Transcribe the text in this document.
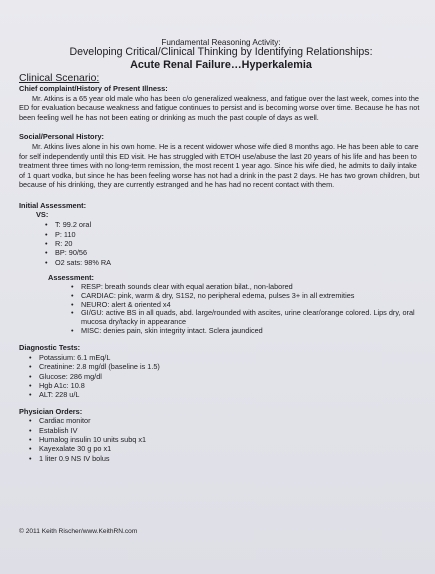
Fundamental Reasoning Activity:
Developing Critical/Clinical Thinking by Identifying Relationships:
Acute Renal Failure…Hyperkalemia
Clinical Scenario:
Chief complaint/History of Present Illness:
Mr. Atkins is a 65 year old male who has been c/o generalized weakness, and fatigue over the last week, comes into the ED for evaluation because weakness and fatigue continues to persist and is becoming worse over time. Because he has not been feeling well he has not been eating or drinking as much the past couple of days as well.
Social/Personal History:
Mr. Atkins lives alone in his own home. He is a recent widower whose wife died 8 months ago. He has been able to care for self independently until this ED visit. He has struggled with ETOH use/abuse the last 20 years of his life and has been to treatment three times with no long-term remission, the most recent 1 year ago. Since his wife died, he admits to daily intake of 1 quart vodka, but since he has been feeling worse has not had a drink in the past 2 days. He has two grown children, but because of his drinking, they are currently estranged and he has had no recent contact with them.
Initial Assessment:
VS:
• T: 99.2 oral
• P: 110
• R: 20
• BP: 90/56
• O2 sats: 98% RA
Assessment:
• RESP: breath sounds clear with equal aeration bilat., non-labored
• CARDIAC: pink, warm & dry, S1S2, no peripheral edema, pulses 3+ in all extremities
• NEURO: alert & oriented x4
• GI/GU: active BS in all quads, abd. large/rounded with ascites, urine clear/orange colored. Lips dry, oral mucosa dry/tacky in appearance
• MISC: denies pain, skin integrity intact. Sclera jaundiced
Diagnostic Tests:
• Potassium: 6.1 mEq/L
• Creatinine: 2.8 mg/dl (baseline is 1.5)
• Glucose: 286 mg/dl
• Hgb A1c: 10.8
• ALT: 228 u/L
Physician Orders:
• Cardiac monitor
• Establish IV
• Humalog insulin 10 units subq x1
• Kayexalate 30 g po x1
• 1 liter 0.9 NS IV bolus
© 2011 Keith Rischer/www.KeithRN.com
